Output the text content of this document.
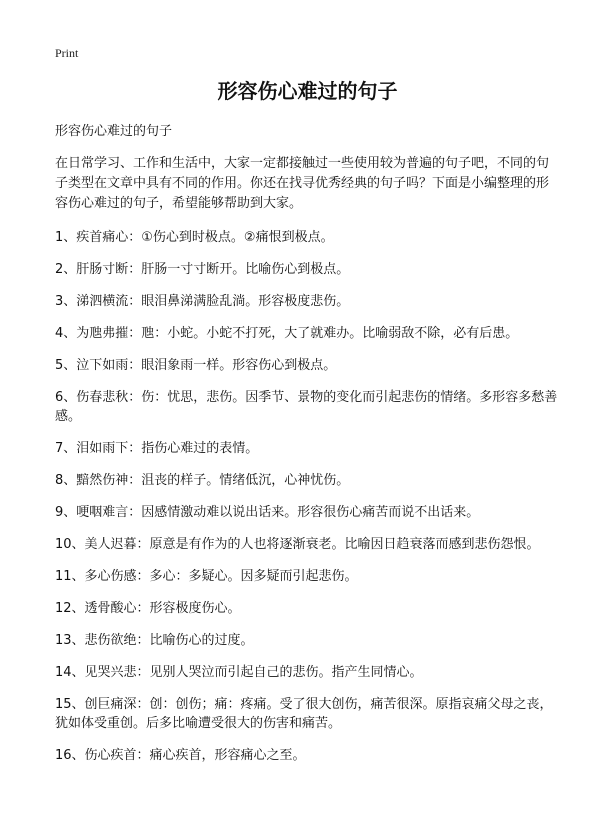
Print
形容伤心难过的句子
形容伤心难过的句子

在日常学习、工作和生活中，大家一定都接触过一些使用较为普遍的句子吧，不同的句子类型在文章中具有不同的作用。你还在找寻优秀经典的句子吗？下面是小编整理的形容伤心难过的句子，希望能够帮助到大家。

1、疾首痛心：①伤心到时极点。②痛恨到极点。
2、肝肠寸断：肝肠一寸寸断开。比喻伤心到极点。
3、涕泗横流：眼泪鼻涕满脸乱淌。形容极度悲伤。
4、为虺弗摧：虺：小蛇。小蛇不打死，大了就难办。比喻弱敌不除，必有后患。
5、泣下如雨：眼泪象雨一样。形容伤心到极点。
6、伤春悲秋：伤：忧思，悲伤。因季节、景物的变化而引起悲伤的情绪。多形容多愁善感。
7、泪如雨下：指伤心难过的表情。
8、黯然伤神：沮丧的样子。情绪低沉，心神忧伤。
9、哽咽难言：因感情激动难以说出话来。形容很伤心痛苦而说不出话来。
10、美人迟暮：原意是有作为的人也将逐渐衰老。比喻因日趋衰落而感到悲伤怨恨。
11、多心伤感：多心：多疑心。因多疑而引起悲伤。
12、透骨酸心：形容极度伤心。
13、悲伤欲绝：比喻伤心的过度。
14、见哭兴悲：见别人哭泣而引起自己的悲伤。指产生同情心。
15、创巨痛深：创：创伤；痛：疼痛。受了很大创伤，痛苦很深。原指哀痛父母之丧，犹如体受重创。后多比喻遭受很大的伤害和痛苦。
16、伤心疾首：痛心疾首，形容痛心之至。
